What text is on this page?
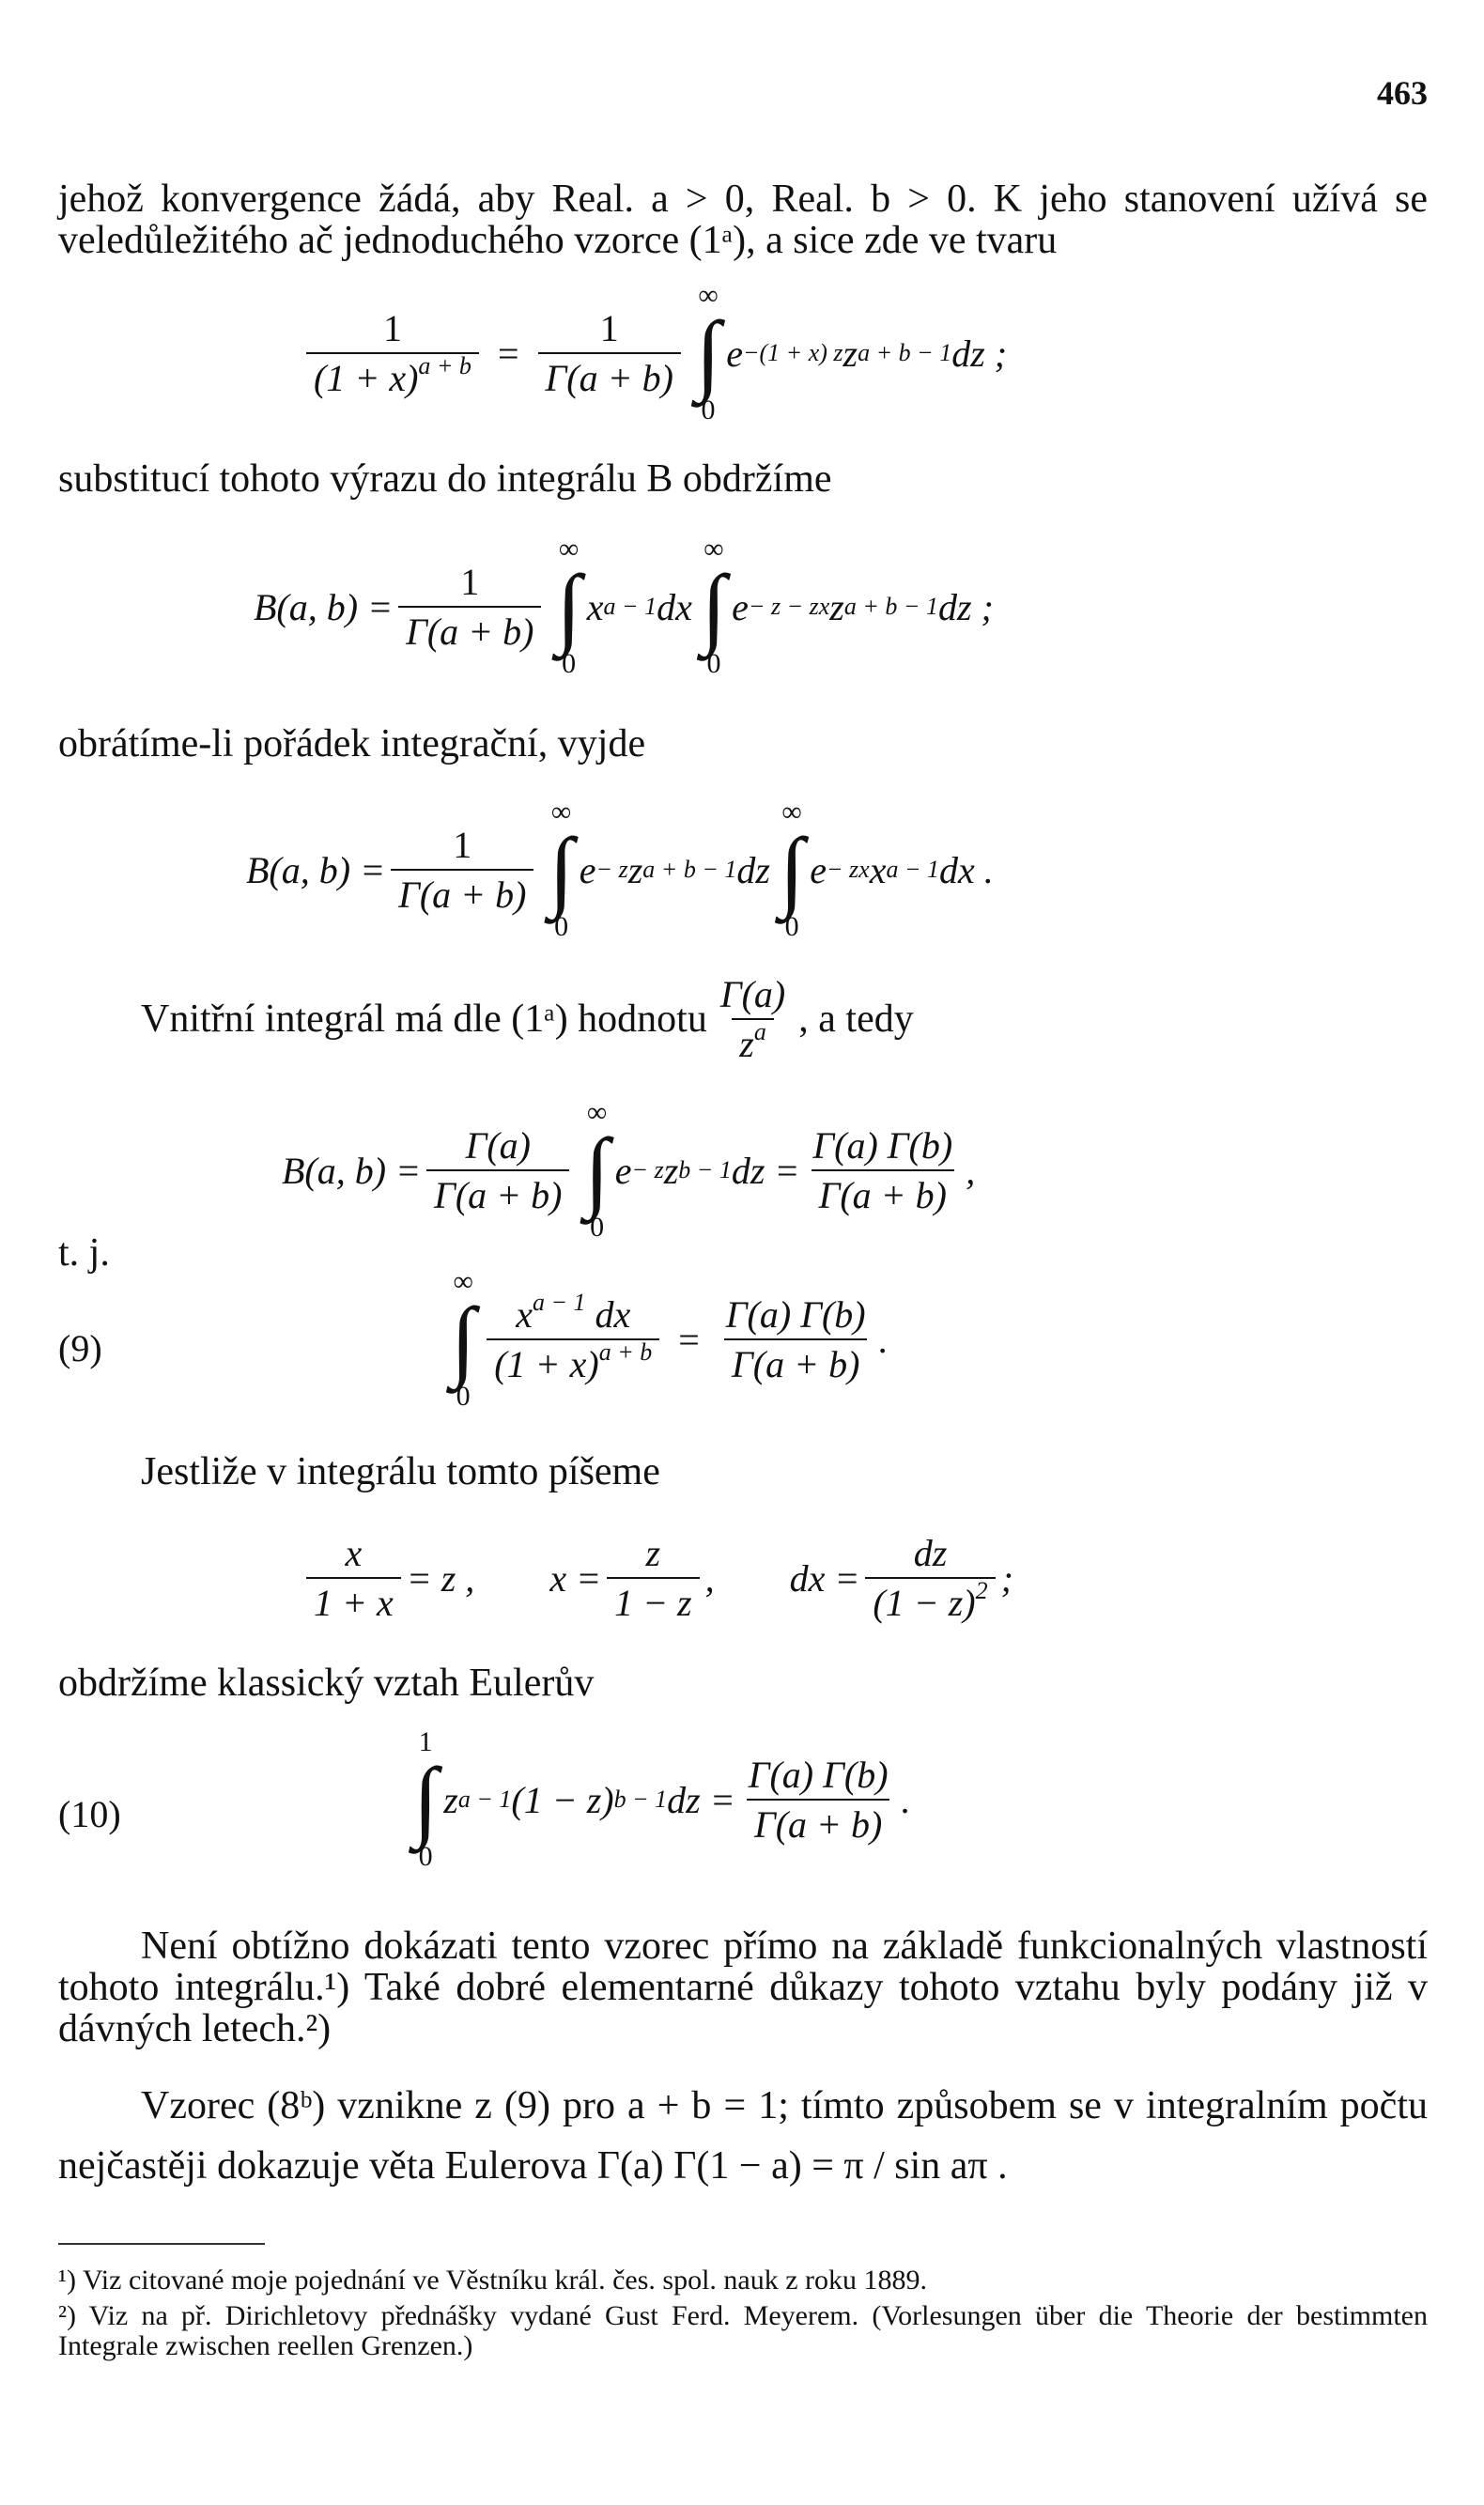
463
jehož konvergence žádá, aby Real. a > 0, Real. b > 0. K jeho stanovení užívá se veledůležitého ač jednoduchého vzorce (1ᵃ), a sice zde ve tvaru
$\frac{1}{(1 + x)^{a + b}} = \frac{1}{\Gamma(a + b)}$
∞
∫
0
e −(1 + x) z z a + b − 1 dz ;
substitucí tohoto výrazu do integrálu B obdržíme
B(a, $b) = \frac{1}{\Gamma(a + b)}$
∞
∫
0
x a − 1 dx
∞
∫
0
e − z − zx z a + b − 1 dz ;
obrátíme-li pořádek integrační, vyjde
B(a, $b) = \frac{1}{\Gamma(a + b)}$
∞
∫
0
e − z z a + b − 1 dz
∞
∫
0
e − zx x a − 1 dx .
Vnitřní integrál má dle (1ᵃ) hodnotu $\frac{\Gamma(a)}{z^a}$ , a tedy
B(a, $b) = \frac{\Gamma(a)}{\Gamma(a + b)}$
∞
∫
0
e − z z b − 1 dz = $\frac{\Gamma(a) \Gamma(b)}{\Gamma(a + b)}$ ,
t. j.
(9)
∞
∫
0
$\frac{x^{a - 1} dx}{(1 + x)^{a + b}} = \frac{\Gamma(a) \Gamma(b)}{\Gamma(a + b)}$ .
Jestliže v integrálu tomto píšeme
$\frac{x}{1 + x} = z$ , $x = \frac{z}{1 - z}$ , dx = $\frac{dz}{(1 - z)^2}$ ;
obdržíme klassický vztah Eulerův
(10)
1
∫
0
z a − 1 (1 − z) b − 1 dz = $\frac{\Gamma(a) \Gamma(b)}{\Gamma(a + b)}$ .
Není obtížno dokázati tento vzorec přímo na základě funkcionalných vlastností tohoto integrálu.¹) Také dobré elementarné důkazy tohoto vztahu byly podány již v dávných letech.²)
Vzorec (8ᵇ) vznikne z (9) pro a + b = 1; tímto způsobem se v integralním počtu nejčastěji dokazuje věta Eulerova Γ(a) Γ(1 − a) = π / sin aπ .
¹) Viz citované moje pojednání ve Věstníku král. čes. spol. nauk z roku 1889.
²) Viz na př. Dirichletovy přednášky vydané Gust Ferd. Meyerem. (Vorlesungen über die Theorie der bestimmten Integrale zwischen reellen Grenzen.)
